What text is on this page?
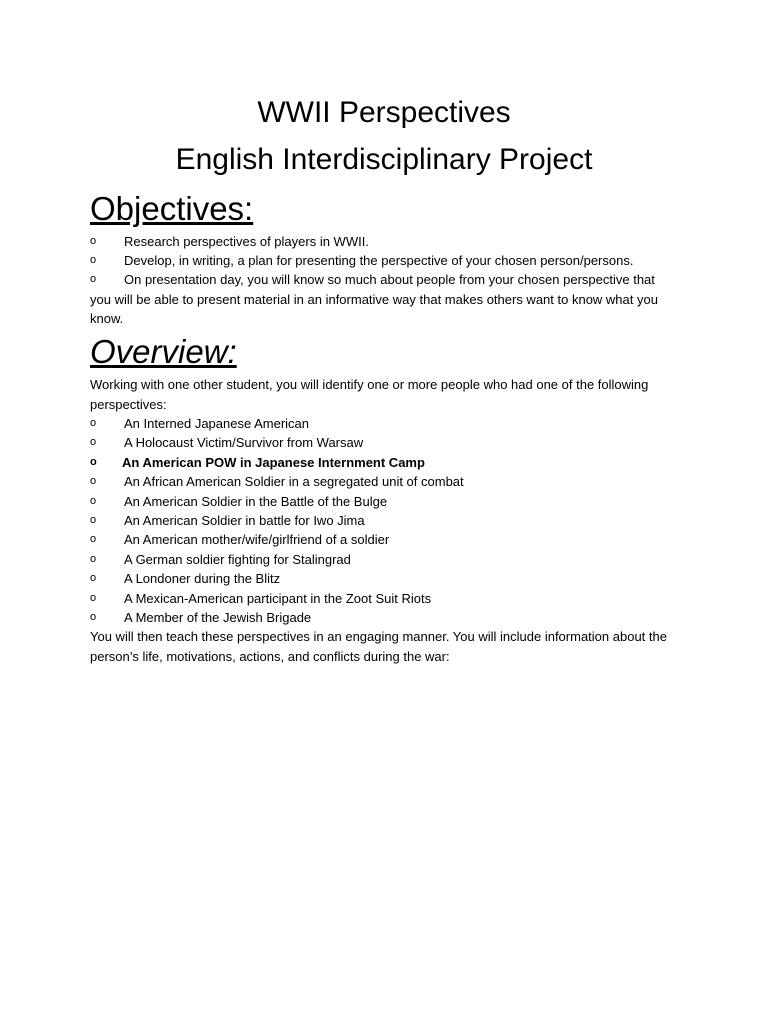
WWII Perspectives
English Interdisciplinary Project
Objectives:
o Research perspectives of players in WWII.
o Develop, in writing, a plan for presenting the perspective of your chosen person/persons.
o On presentation day, you will know so much about people from your chosen perspective that you will be able to present material in an informative way that makes others want to know what you know.
Overview:
Working with one other student, you will identify one or more people who had one of the following perspectives:
o An Interned Japanese American
o A Holocaust Victim/Survivor from Warsaw
o An American POW in Japanese Internment Camp
o An African American Soldier in a segregated unit of combat
o An American Soldier in the Battle of the Bulge
o An American Soldier in battle for Iwo Jima
o An American mother/wife/girlfriend of a soldier
o A German soldier fighting for Stalingrad
o A Londoner during the Blitz
o A Mexican-American participant in the Zoot Suit Riots
o A Member of the Jewish Brigade
You will then teach these perspectives in an engaging manner. You will include information about the person’s life, motivations, actions, and conflicts during the war:
